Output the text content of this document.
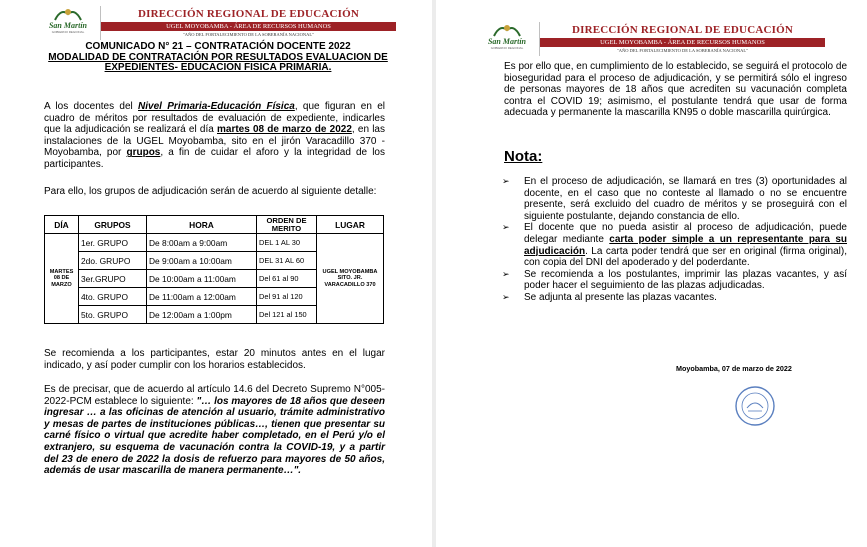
San Martín
GOBIERNO REGIONAL
DIRECCIÓN REGIONAL DE EDUCACIÓN
UGEL MOYOBAMBA - ÁREA DE RECURSOS HUMANOS
"AÑO DEL FORTALECIMIENTO DE LA SOBERANÍA NACIONAL"
COMUNICADO N° 21 – CONTRATACIÓN DOCENTE 2022
MODALIDAD DE CONTRATACIÓN POR RESULTADOS EVALUACION DE EXPEDIENTES- EDUCACION FISICA PRIMARIA.
A los docentes del Nivel Primaria-Educación Física, que figuran en el cuadro de méritos por resultados de evaluación de expediente, indicarles que la adjudicación se realizará el día martes 08 de marzo de 2022, en las instalaciones de la UGEL Moyobamba, sito en el jirón Varacadillo 370 - Moyobamba, por grupos, a fin de cuidar el aforo y la integridad de los participantes.
Para ello, los grupos de adjudicación serán de acuerdo al siguiente detalle:
DÍA	GRUPOS	HORA	ORDEN DE MERITO	LUGAR
MARTES 08 DE MARZO	1er. GRUPO	De 8:00am a 9:00am	DEL 1 AL 30	UGEL MOYOBAMBA SITO. JR. VARACADILLO 370
	2do. GRUPO	De 9:00am a 10:00am	DEL 31 AL 60	
	3er.GRUPO	De 10:00am a 11:00am	Del 61 al 90	
	4to. GRUPO	De 11:00am a 12:00am	Del 91 al 120	
	5to. GRUPO	De 12:00am a 1:00pm	Del 121 al 150	
Se recomienda a los participantes, estar 20 minutos antes en el lugar indicado, y así poder cumplir con los horarios establecidos.
Es de precisar, que de acuerdo al artículo 14.6 del Decreto Supremo N°005-2022-PCM establece lo siguiente: "… los mayores de 18 años que deseen ingresar … a las oficinas de atención al usuario, trámite administrativo y mesas de partes de instituciones públicas…, tienen que presentar su carné físico o virtual que acredite haber completado, en el Perú y/o el extranjero, su esquema de vacunación contra la COVID-19, y a partir del 23 de enero de 2022 la dosis de refuerzo para mayores de 50 años, además de usar mascarilla de manera permanente…".
San Martín
GOBIERNO REGIONAL
DIRECCIÓN REGIONAL DE EDUCACIÓN
UGEL MOYOBAMBA - ÁREA DE RECURSOS HUMANOS
"AÑO DEL FORTALECIMIENTO DE LA SOBERANÍA NACIONAL"
Es por ello que, en cumplimiento de lo establecido, se seguirá el protocolo de bioseguridad para el proceso de adjudicación, y se permitirá sólo el ingreso de personas mayores de 18 años que acrediten su vacunación completa contra el COVID 19; asimismo, el postulante tendrá que usar de forma adecuada y permanente la mascarilla KN95 o doble mascarilla quirúrgica.
Nota:
➢ En el proceso de adjudicación, se llamará en tres (3) oportunidades al docente, en el caso que no conteste al llamado o no se encuentre presente, será excluido del cuadro de méritos y se proseguirá con el siguiente postulante, dejando constancia de ello.
➢ El docente que no pueda asistir al proceso de adjudicación, puede delegar mediante carta poder simple a un representante para su adjudicación. La carta poder tendrá que ser en original (firma original), con copia del DNI del apoderado y del poderdante.
➢ Se recomienda a los postulantes, imprimir las plazas vacantes, y así poder hacer el seguimiento de las plazas adjudicadas.
➢ Se adjunta al presente las plazas vacantes.
Moyobamba, 07 de marzo de 2022
